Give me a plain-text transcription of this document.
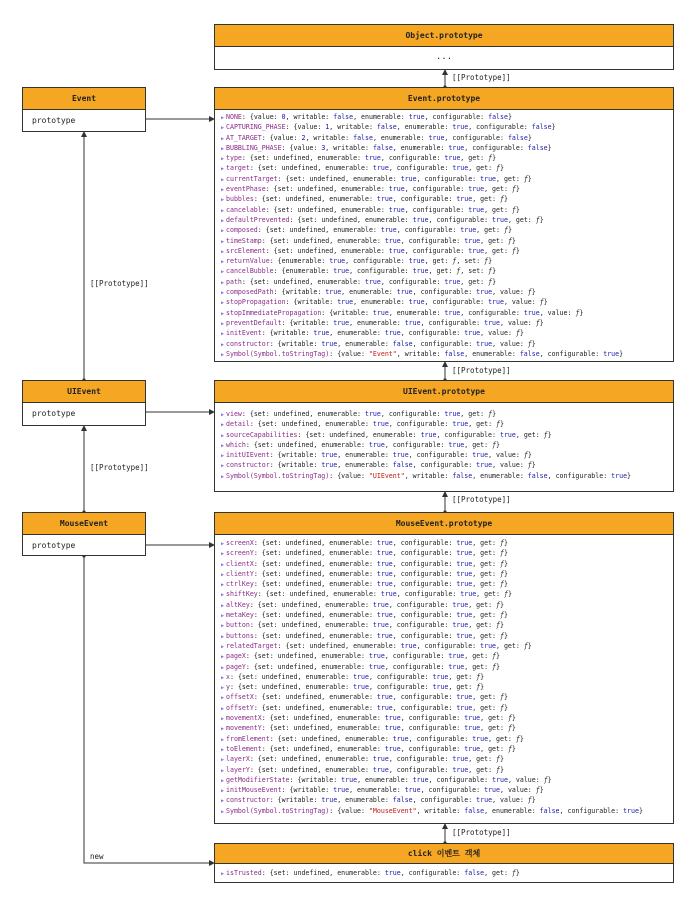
[[Prototype]]
[[Prototype]]
[[Prototype]]
[[Prototype]]
[[Prototype]]
[[Prototype]]
new
Object.prototype
...
Event
prototype
UIEvent
prototype
MouseEvent
prototype
Event.prototype
▶ NONE: {value: 0, writable: false, enumerable: true, configurable: false}
▶ CAPTURING_PHASE: {value: 1, writable: false, enumerable: true, configurable: false}
▶ AT_TARGET: {value: 2, writable: false, enumerable: true, configurable: false}
▶ BUBBLING_PHASE: {value: 3, writable: false, enumerable: true, configurable: false}
▶ type: {set: undefined, enumerable: true, configurable: true, get: ƒ}
▶ target: {set: undefined, enumerable: true, configurable: true, get: ƒ}
▶ currentTarget: {set: undefined, enumerable: true, configurable: true, get: ƒ}
▶ eventPhase: {set: undefined, enumerable: true, configurable: true, get: ƒ}
▶ bubbles: {set: undefined, enumerable: true, configurable: true, get: ƒ}
▶ cancelable: {set: undefined, enumerable: true, configurable: true, get: ƒ}
▶ defaultPrevented: {set: undefined, enumerable: true, configurable: true, get: ƒ}
▶ composed: {set: undefined, enumerable: true, configurable: true, get: ƒ}
▶ timeStamp: {set: undefined, enumerable: true, configurable: true, get: ƒ}
▶ srcElement: {set: undefined, enumerable: true, configurable: true, get: ƒ}
▶ returnValue: {enumerable: true, configurable: true, get: ƒ, set: ƒ}
▶ cancelBubble: {enumerable: true, configurable: true, get: ƒ, set: ƒ}
▶ path: {set: undefined, enumerable: true, configurable: true, get: ƒ}
▶ composedPath: {writable: true, enumerable: true, configurable: true, value: ƒ}
▶ stopPropagation: {writable: true, enumerable: true, configurable: true, value: ƒ}
▶ stopImmediatePropagation: {writable: true, enumerable: true, configurable: true, value: ƒ}
▶ preventDefault: {writable: true, enumerable: true, configurable: true, value: ƒ}
▶ initEvent: {writable: true, enumerable: true, configurable: true, value: ƒ}
▶ constructor: {writable: true, enumerable: false, configurable: true, value: ƒ}
▶ Symbol(Symbol.toStringTag): {value: "Event", writable: false, enumerable: false, configurable: true}
UIEvent.prototype
▶ view: {set: undefined, enumerable: true, configurable: true, get: ƒ}
▶ detail: {set: undefined, enumerable: true, configurable: true, get: ƒ}
▶ sourceCapabilities: {set: undefined, enumerable: true, configurable: true, get: ƒ}
▶ which: {set: undefined, enumerable: true, configurable: true, get: ƒ}
▶ initUIEvent: {writable: true, enumerable: true, configurable: true, value: ƒ}
▶ constructor: {writable: true, enumerable: false, configurable: true, value: ƒ}
▶ Symbol(Symbol.toStringTag): {value: "UIEvent", writable: false, enumerable: false, configurable: true}
MouseEvent.prototype
▶ screenX: {set: undefined, enumerable: true, configurable: true, get: ƒ}
▶ screenY: {set: undefined, enumerable: true, configurable: true, get: ƒ}
▶ clientX: {set: undefined, enumerable: true, configurable: true, get: ƒ}
▶ clientY: {set: undefined, enumerable: true, configurable: true, get: ƒ}
▶ ctrlKey: {set: undefined, enumerable: true, configurable: true, get: ƒ}
▶ shiftKey: {set: undefined, enumerable: true, configurable: true, get: ƒ}
▶ altKey: {set: undefined, enumerable: true, configurable: true, get: ƒ}
▶ metaKey: {set: undefined, enumerable: true, configurable: true, get: ƒ}
▶ button: {set: undefined, enumerable: true, configurable: true, get: ƒ}
▶ buttons: {set: undefined, enumerable: true, configurable: true, get: ƒ}
▶ relatedTarget: {set: undefined, enumerable: true, configurable: true, get: ƒ}
▶ pageX: {set: undefined, enumerable: true, configurable: true, get: ƒ}
▶ pageY: {set: undefined, enumerable: true, configurable: true, get: ƒ}
▶ x: {set: undefined, enumerable: true, configurable: true, get: ƒ}
▶ y: {set: undefined, enumerable: true, configurable: true, get: ƒ}
▶ offsetX: {set: undefined, enumerable: true, configurable: true, get: ƒ}
▶ offsetY: {set: undefined, enumerable: true, configurable: true, get: ƒ}
▶ movementX: {set: undefined, enumerable: true, configurable: true, get: ƒ}
▶ movementY: {set: undefined, enumerable: true, configurable: true, get: ƒ}
▶ fromElement: {set: undefined, enumerable: true, configurable: true, get: ƒ}
▶ toElement: {set: undefined, enumerable: true, configurable: true, get: ƒ}
▶ layerX: {set: undefined, enumerable: true, configurable: true, get: ƒ}
▶ layerY: {set: undefined, enumerable: true, configurable: true, get: ƒ}
▶ getModifierState: {writable: true, enumerable: true, configurable: true, value: ƒ}
▶ initMouseEvent: {writable: true, enumerable: true, configurable: true, value: ƒ}
▶ constructor: {writable: true, enumerable: false, configurable: true, value: ƒ}
▶ Symbol(Symbol.toStringTag): {value: "MouseEvent", writable: false, enumerable: false, configurable: true}
click 이벤트 객체
▶ isTrusted: {set: undefined, enumerable: true, configurable: false, get: ƒ}
